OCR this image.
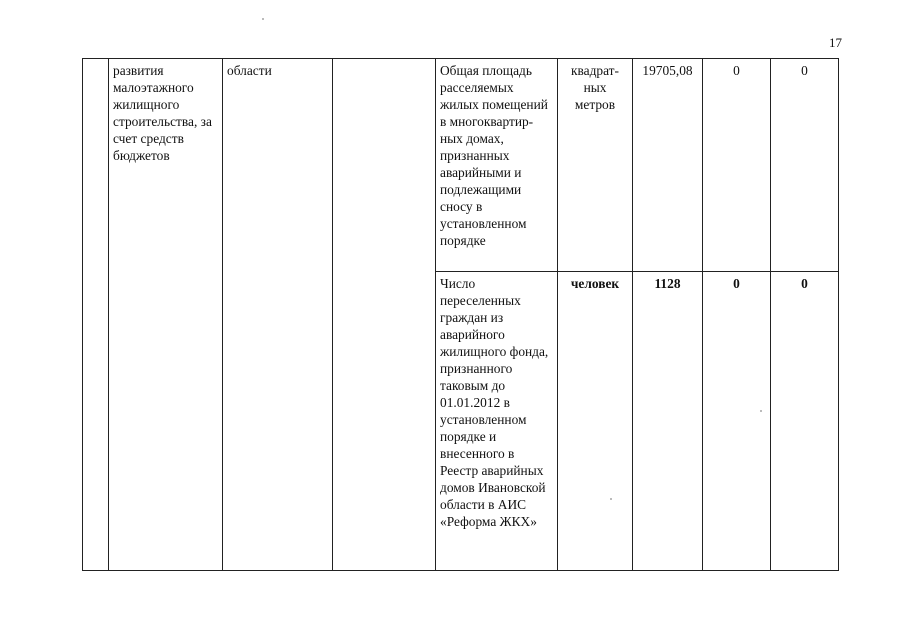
17
	развития малоэтажного жилищного строительства, за счет средств бюджетов	области		Общая площадь расселяемых жилых помещений в многоквартир-ных домах, признанных аварийными и подлежащими сносу в установленном порядке	квадрат-ных метров	19705,08	0	0
				Число переселенных граждан из аварийного жилищного фонда, признанного таковым до 01.01.2012 в установленном порядке и внесенного в Реестр аварийных домов Ивановской области в АИС «Реформа ЖКХ»	человек	1128	0	0
